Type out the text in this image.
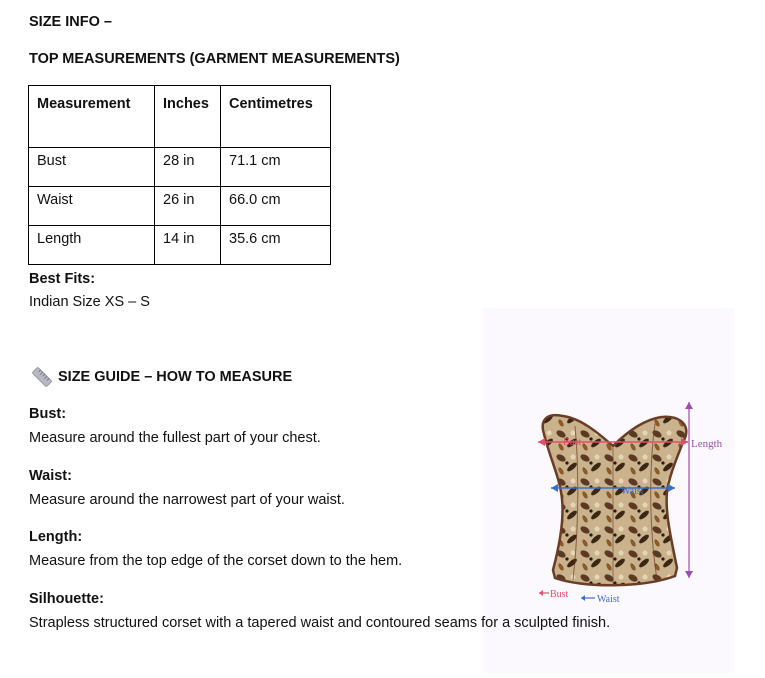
Bust
Waist
Length
Bust	Waist
SIZE INFO –
TOP MEASUREMENTS (GARMENT MEASUREMENTS)
Measurement	Inches	Centimetres
Bust	28 in	71.1 cm
Waist	26 in	66.0 cm
Length	14 in	35.6 cm
Best Fits:
Indian Size XS – S
SIZE GUIDE – HOW TO MEASURE
Bust:
Measure around the fullest part of your chest.
Waist:
Measure around the narrowest part of your waist.
Length:
Measure from the top edge of the corset down to the hem.
Silhouette:
Strapless structured corset with a tapered waist and contoured seams for a sculpted finish.
